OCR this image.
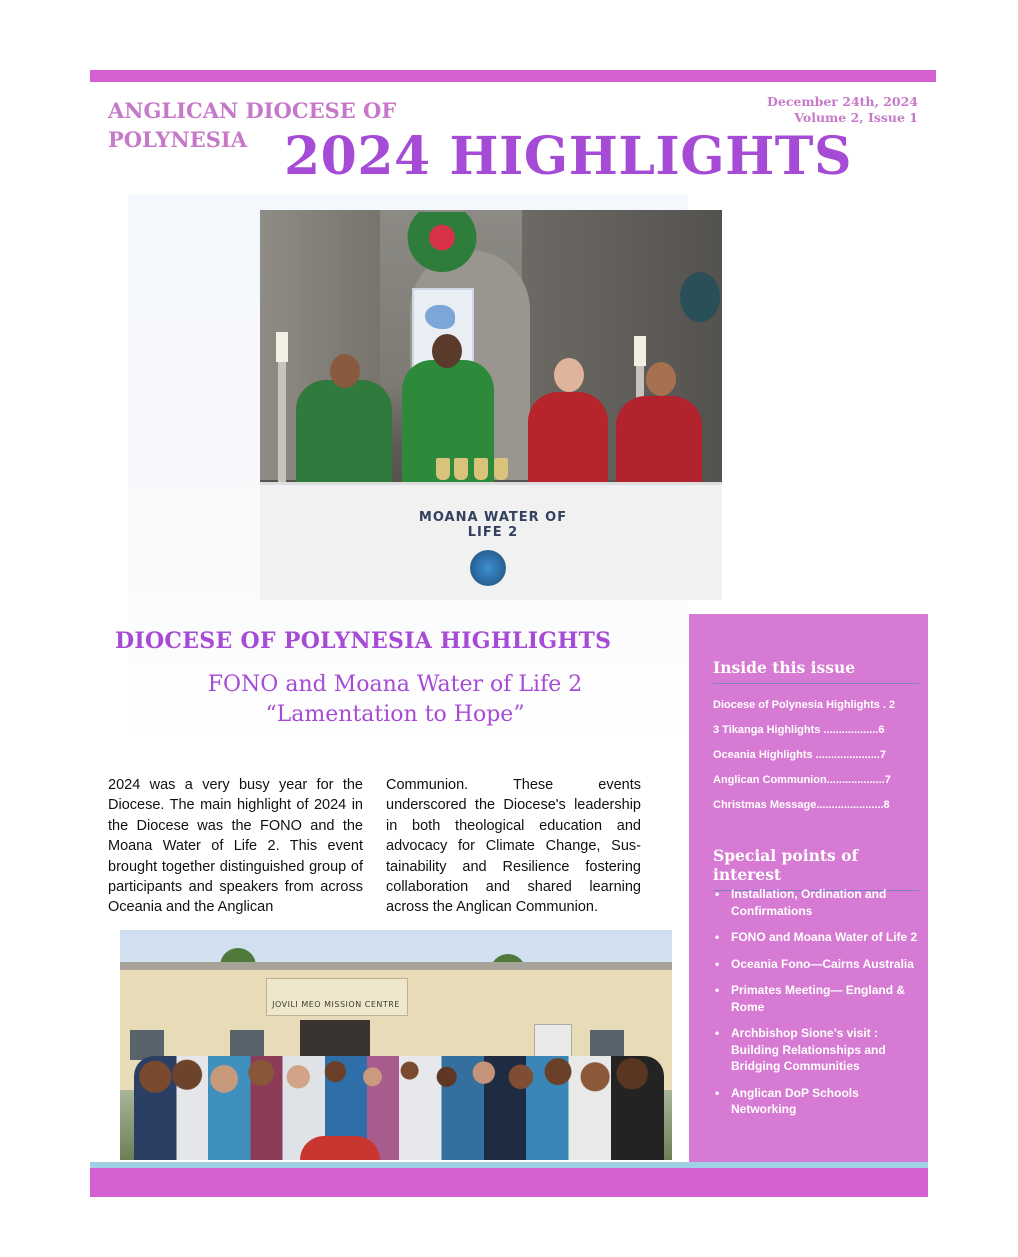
ANGLICAN DIOCESE OF
POLYNESIA
December 24th, 2024
Volume 2, Issue 1
2024 HIGHLIGHTS
MOANA WATER OF LIFE 2
DIOCESE OF POLYNESIA HIGHLIGHTS
FONO and Moana Water of Life 2
“Lamentation to Hope”
2024 was a very busy year for the Diocese. The main highlight of 2024 in the Diocese was the FONO and the Moana Water of Life 2. This event brought together distinguished group of participants and speakers from across Oceania and the Anglican
Communion. These events underscored the Diocese's leadership in both theological education and advocacy for Climate Change, Sus-tainability and Resilience fostering collaboration and shared learning across the Anglican Communion.
JOVILI MEO MISSION CENTRE
Inside this issue
Diocese of Polynesia Highlights . 2
3 Tikanga Highlights ..................6
Oceania Highlights .....................7
Anglican Communion...................7
Christmas Message......................8
Special points of interest
• Installation, Ordination and Confirmations
• FONO and Moana Water of Life 2
• Oceania Fono—Cairns Australia
• Primates Meeting— England & Rome
• Archbishop Sione’s visit : Building Relationships and Bridging Communities
• Anglican DoP Schools Networking
